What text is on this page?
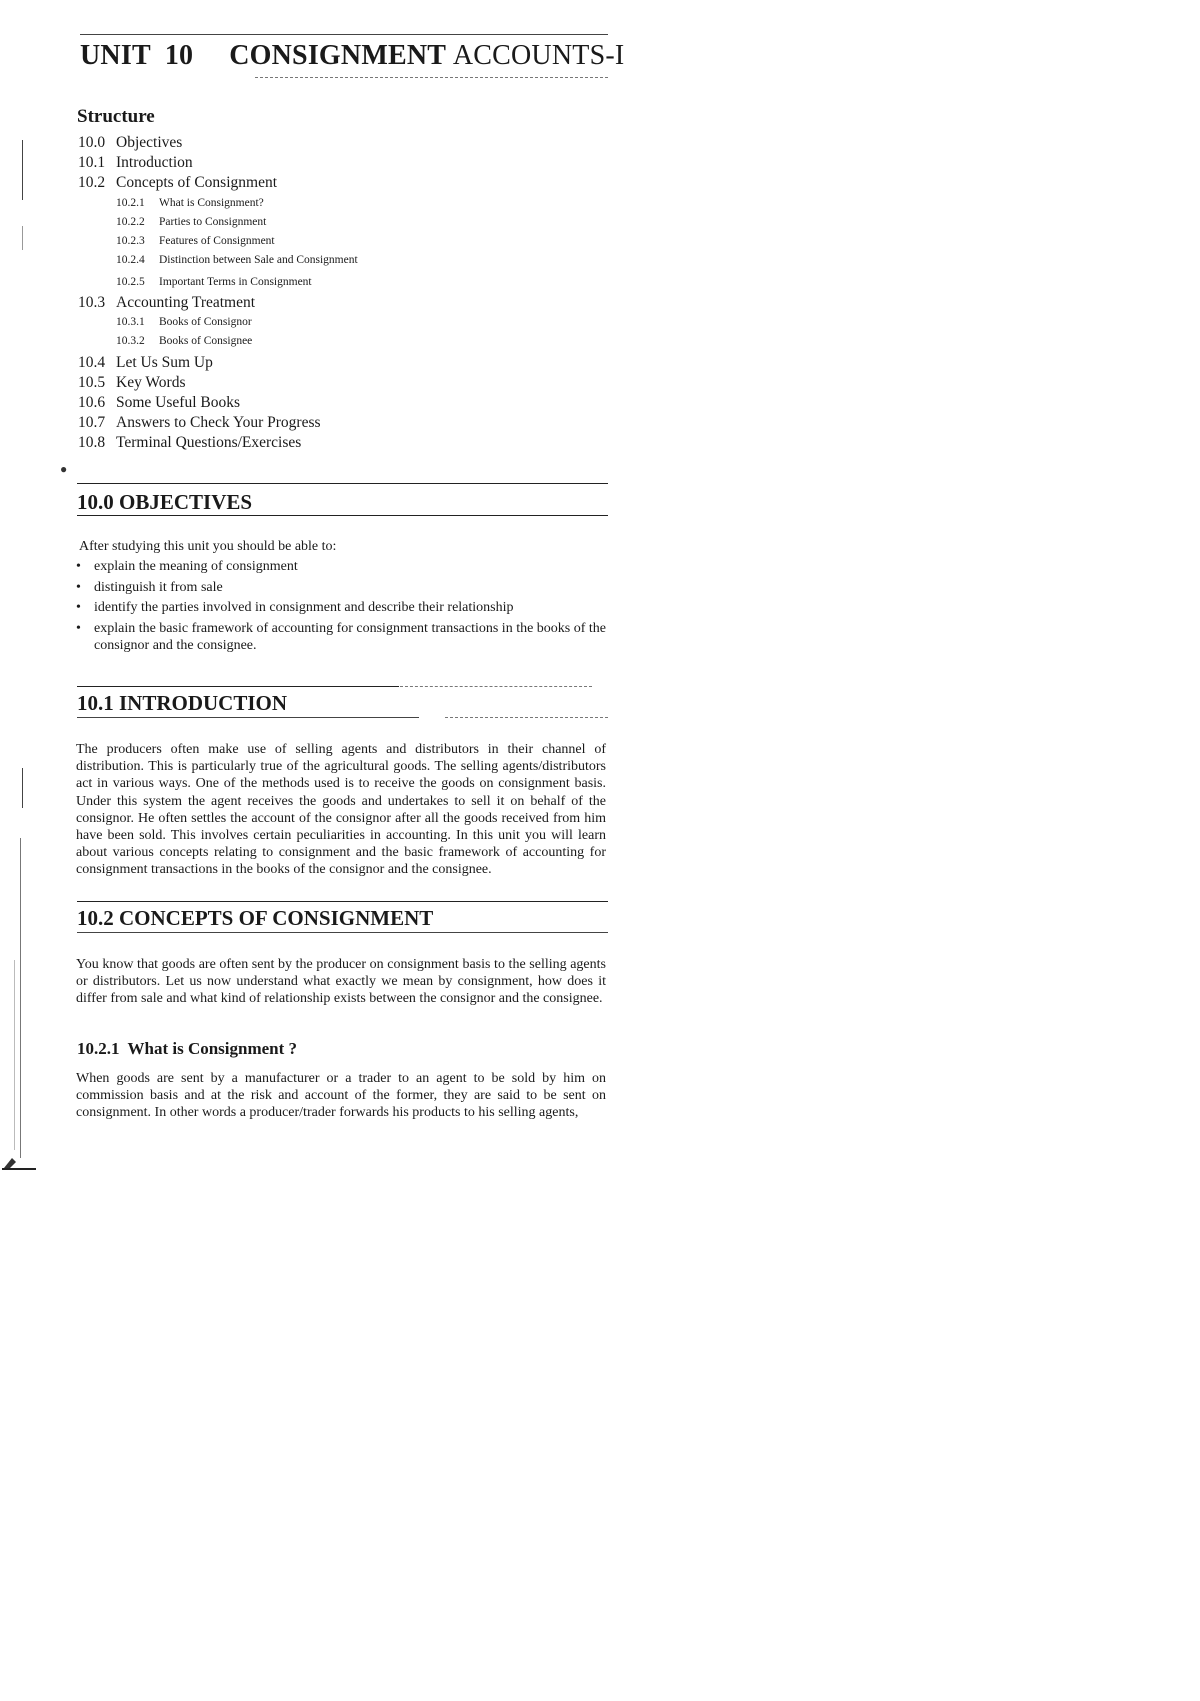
UNIT 10 CONSIGNMENT ACCOUNTS-I
Structure
10.0 Objectives
10.1 Introduction
10.2 Concepts of Consignment
10.2.1 What is Consignment?
10.2.2 Parties to Consignment
10.2.3 Features of Consignment
10.2.4 Distinction between Sale and Consignment
10.2.5 Important Terms in Consignment
10.3 Accounting Treatment
10.3.1 Books of Consignor
10.3.2 Books of Consignee
10.4 Let Us Sum Up
10.5 Key Words
10.6 Some Useful Books
10.7 Answers to Check Your Progress
10.8 Terminal Questions/Exercises
10.0 OBJECTIVES
After studying this unit you should be able to:
• explain the meaning of consignment
• distinguish it from sale
• identify the parties involved in consignment and describe their relationship
• explain the basic framework of accounting for consignment transactions in the books of the consignor and the consignee.
10.1 INTRODUCTION
The producers often make use of selling agents and distributors in their channel of distribution. This is particularly true of the agricultural goods. The selling agents/distributors act in various ways. One of the methods used is to receive the goods on consignment basis. Under this system the agent receives the goods and undertakes to sell it on behalf of the consignor. He often settles the account of the consignor after all the goods received from him have been sold. This involves certain peculiarities in accounting. In this unit you will learn about various concepts relating to consignment and the basic framework of accounting for consignment transactions in the books of the consignor and the consignee.
10.2 CONCEPTS OF CONSIGNMENT
You know that goods are often sent by the producer on consignment basis to the selling agents or distributors. Let us now understand what exactly we mean by consignment, how does it differ from sale and what kind of relationship exists between the consignor and the consignee.
10.2.1 What is Consignment ?
When goods are sent by a manufacturer or a trader to an agent to be sold by him on commission basis and at the risk and account of the former, they are said to be sent on consignment. In other words a producer/trader forwards his products to his selling agents,
●
